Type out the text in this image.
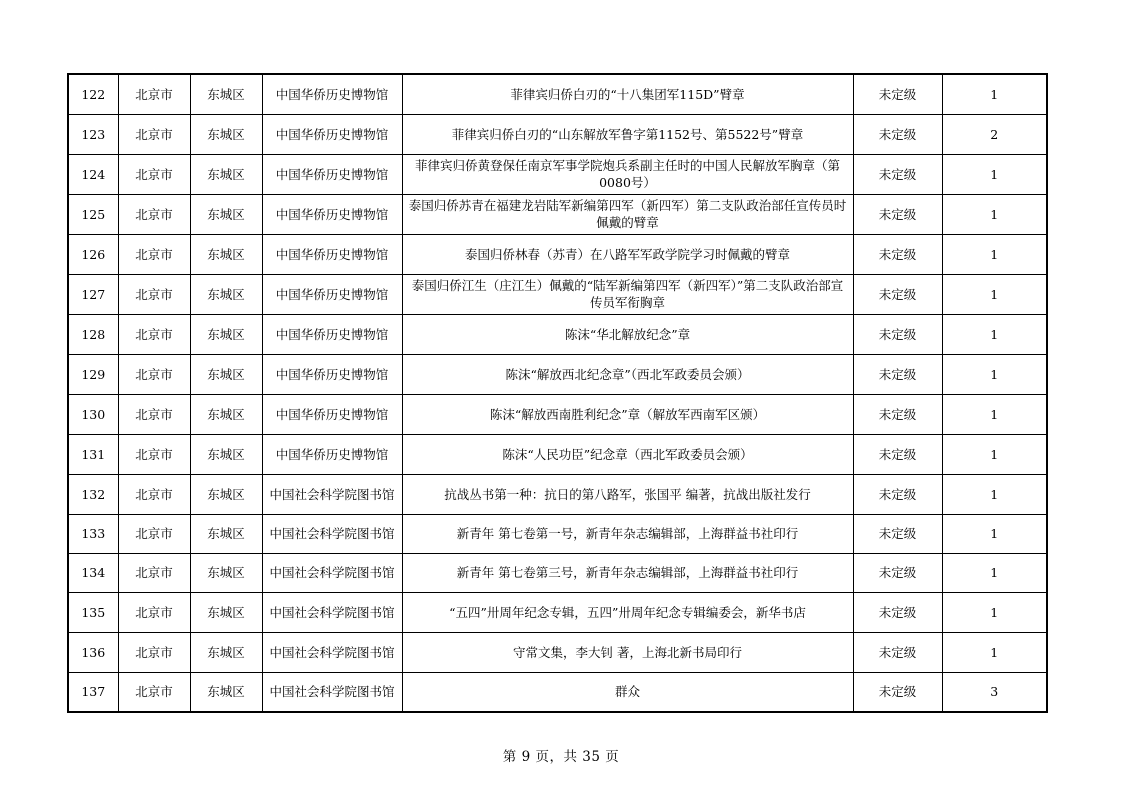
122	北京市	东城区	中国华侨历史博物馆	菲律宾归侨白刃的“十八集团军115D”臂章	未定级	1
123	北京市	东城区	中国华侨历史博物馆	菲律宾归侨白刃的“山东解放军鲁字第1152号、第5522号”臂章	未定级	2
124	北京市	东城区	中国华侨历史博物馆	菲律宾归侨黄登保任南京军事学院炮兵系副主任时的中国人民解放军胸章（第0080号）	未定级	1
125	北京市	东城区	中国华侨历史博物馆	泰国归侨苏青在福建龙岩陆军新编第四军（新四军）第二支队政治部任宣传员时佩戴的臂章	未定级	1
126	北京市	东城区	中国华侨历史博物馆	泰国归侨林春（苏青）在八路军军政学院学习时佩戴的臂章	未定级	1
127	北京市	东城区	中国华侨历史博物馆	泰国归侨江生（庄江生）佩戴的“陆军新编第四军（新四军）”第二支队政治部宣传员军衔胸章	未定级	1
128	北京市	东城区	中国华侨历史博物馆	陈沫“华北解放纪念”章	未定级	1
129	北京市	东城区	中国华侨历史博物馆	陈沫“解放西北纪念章”（西北军政委员会颁）	未定级	1
130	北京市	东城区	中国华侨历史博物馆	陈沫“解放西南胜利纪念”章（解放军西南军区颁）	未定级	1
131	北京市	东城区	中国华侨历史博物馆	陈沫“人民功臣”纪念章（西北军政委员会颁）	未定级	1
132	北京市	东城区	中国社会科学院图书馆	抗战丛书第一种：抗日的第八路军，张国平 编著，抗战出版社发行	未定级	1
133	北京市	东城区	中国社会科学院图书馆	新青年 第七卷第一号，新青年杂志编辑部，上海群益书社印行	未定级	1
134	北京市	东城区	中国社会科学院图书馆	新青年 第七卷第三号，新青年杂志编辑部，上海群益书社印行	未定级	1
135	北京市	东城区	中国社会科学院图书馆	“五四”卅周年纪念专辑，五四”卅周年纪念专辑编委会，新华书店	未定级	1
136	北京市	东城区	中国社会科学院图书馆	守常文集，李大钊 著，上海北新书局印行	未定级	1
137	北京市	东城区	中国社会科学院图书馆	群众	未定级	3
第 9 页，共 35 页
